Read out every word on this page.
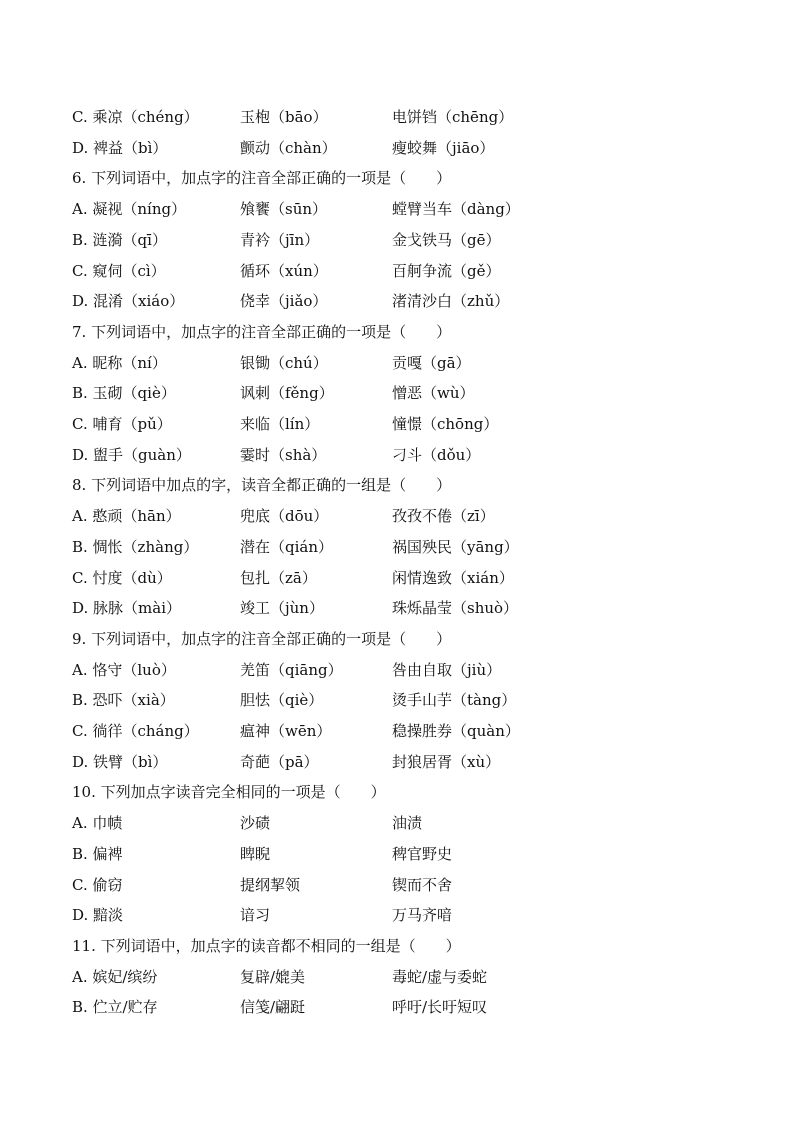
C. 乘凉（chéng）	玉枹（bāo）	电饼铛（chēng）
D. 裨益（bì）	颤动（chàn）	瘦蛟舞（jiāo）
6. 下列词语中，加点字的注音全部正确的一项是（　　）
A. 凝视（níng）	飧饔（sūn）	螳臂当车（dàng）
B. 涟漪（qī）	青衿（jīn）	金戈铁马（gē）
C. 窥伺（cì）	循环（xún）	百舸争流（gě）
D. 混淆（xiáo）	侥幸（jiǎo）	渚清沙白（zhǔ）
7. 下列词语中，加点字的注音全部正确的一项是（　　）
A. 昵称（ní）	银锄（chú）	贡嘎（gā）
B. 玉砌（qiè）	讽刺（fěng）	憎恶（wù）
C. 哺育（pǔ）	来临（lín）	憧憬（chōng）
D. 盥手（guàn）	霎时（shà）	刁斗（dǒu）
8. 下列词语中加点的字，读音全都正确的一组是（　　）
A. 憨顽（hān）	兜底（dōu）	孜孜不倦（zī）
B. 惆怅（zhàng）	潜在（qián）	祸国殃民（yāng）
C. 忖度（dù）	包扎（zā）	闲情逸致（xián）
D. 脉脉（mài）	竣工（jùn）	珠烁晶莹（shuò）
9. 下列词语中，加点字的注音全部正确的一项是（　　）
A. 恪守（luò）	羌笛（qiāng）	咎由自取（jiù）
B. 恐吓（xià）	胆怯（qiè）	烫手山芋（tàng）
C. 徜徉（cháng）	瘟神（wēn）	稳操胜券（quàn）
D. 铁臂（bì）	奇葩（pā）	封狼居胥（xù）
10. 下列加点字读音完全相同的一项是（　　）
A. 巾帻	沙碛	油渍
B. 偏裨	睥睨	稗官野史
C. 偷窃	提纲挈领	锲而不舍
D. 黯淡	谙习	万马齐喑
11. 下列词语中，加点字的读音都不相同的一组是（　　）
A. 嫔妃/缤纷	复辟/媲美	毒蛇/虚与委蛇
B. 伫立/贮存	信笺/翩跹	呼吁/长吁短叹
